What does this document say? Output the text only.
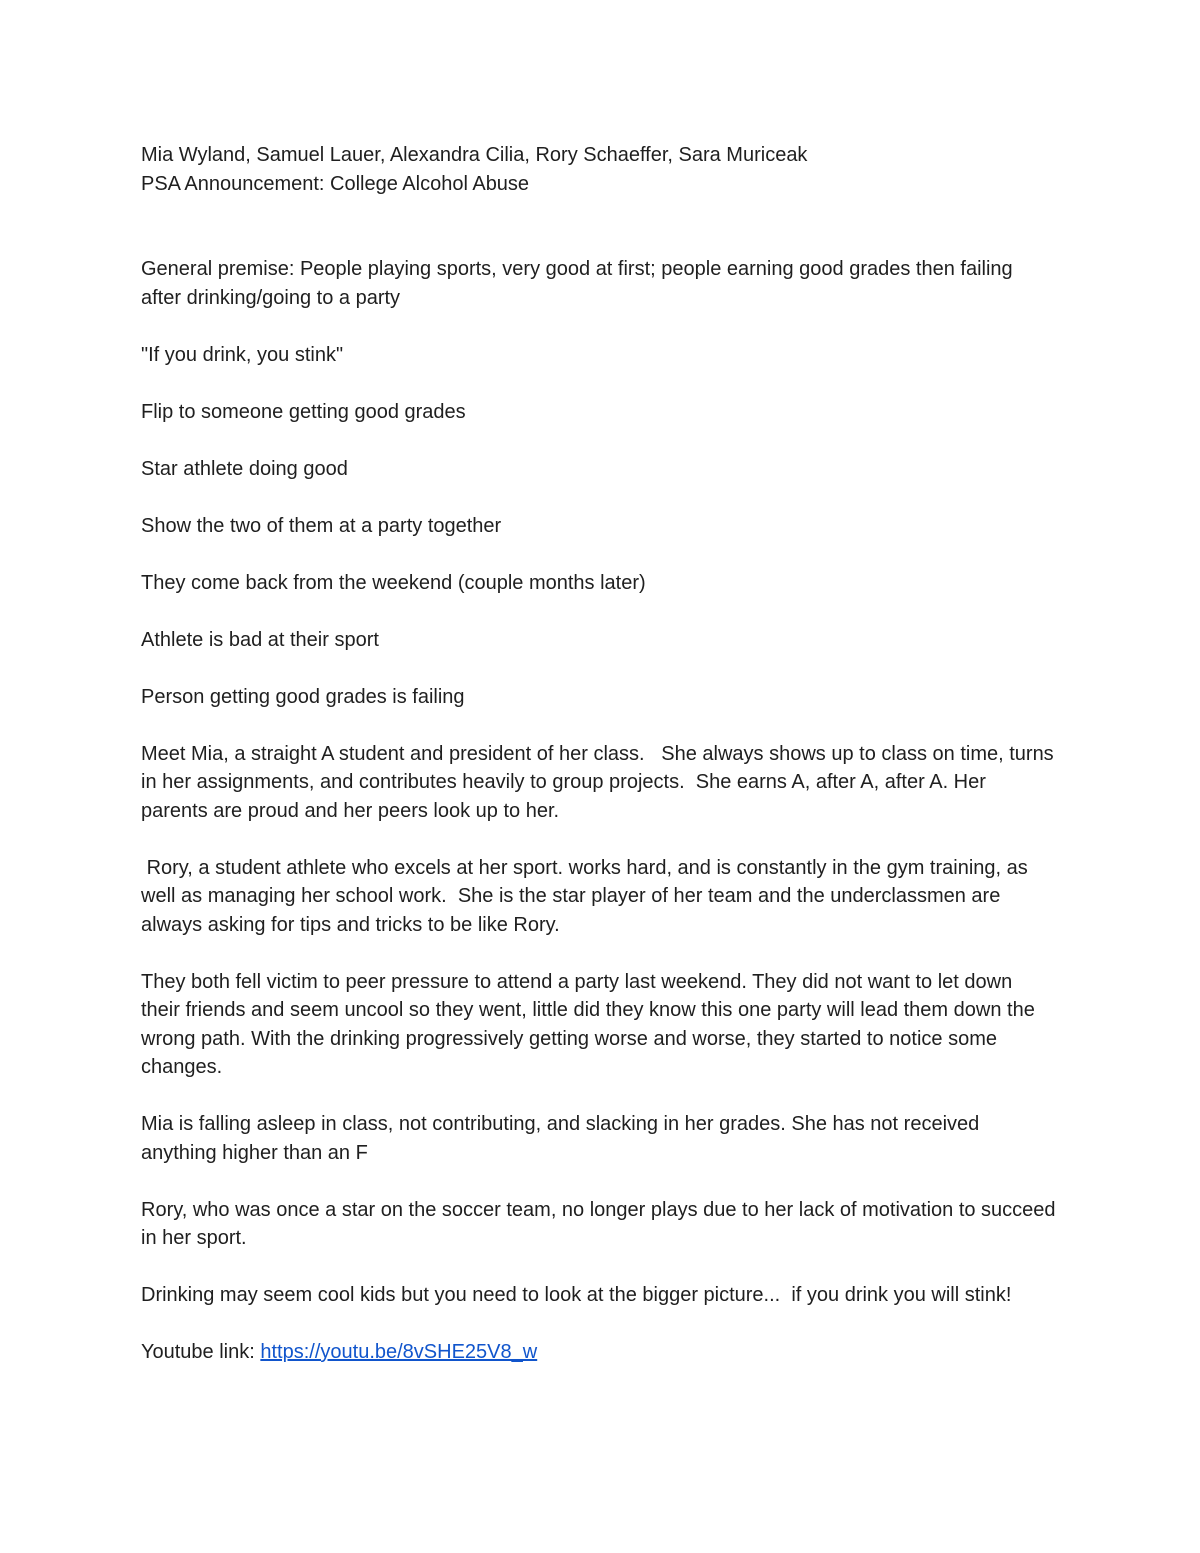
Mia Wyland, Samuel Lauer, Alexandra Cilia, Rory Schaeffer, Sara Muriceak
PSA Announcement: College Alcohol Abuse

General premise: People playing sports, very good at first; people earning good grades then failing after drinking/going to a party

"If you drink, you stink"

Flip to someone getting good grades

Star athlete doing good

Show the two of them at a party together

They come back from the weekend (couple months later)

Athlete is bad at their sport

Person getting good grades is failing

Meet Mia, a straight A student and president of her class.   She always shows up to class on time, turns in her assignments, and contributes heavily to group projects.  She earns A, after A, after A. Her parents are proud and her peers look up to her.

Rory, a student athlete who excels at her sport. works hard, and is constantly in the gym training, as well as managing her school work.  She is the star player of her team and the underclassmen are always asking for tips and tricks to be like Rory.

They both fell victim to peer pressure to attend a party last weekend. They did not want to let down their friends and seem uncool so they went, little did they know this one party will lead them down the wrong path. With the drinking progressively getting worse and worse, they started to notice some changes.

Mia is falling asleep in class, not contributing, and slacking in her grades. She has not received anything higher than an F

Rory, who was once a star on the soccer team, no longer plays due to her lack of motivation to succeed in her sport.

Drinking may seem cool kids but you need to look at the bigger picture...  if you drink you will stink!

Youtube link: https://youtu.be/8vSHE25V8_w
